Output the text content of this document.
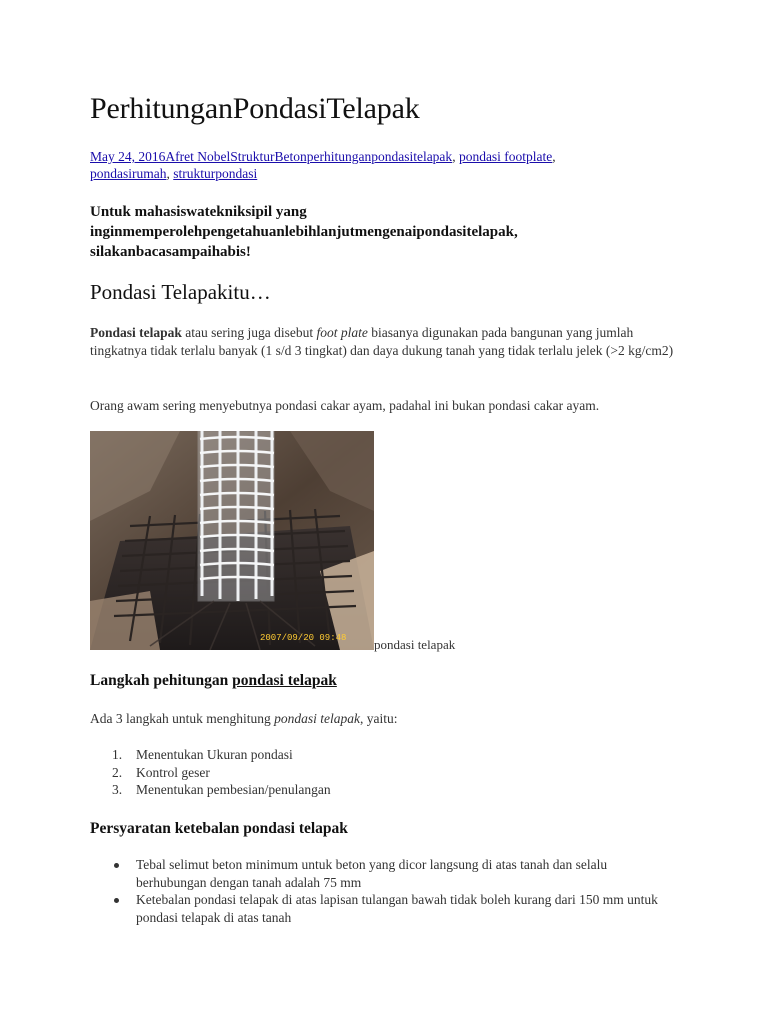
PerhitunganPondasiTelapak
May 24, 2016Afret NobelStrukturBetonperhitunganpondasitelapak, pondasi footplate,
pondasirumah, strukturpondasi
Untuk mahasiswatekniksipil yang inginmemperolehpengetahuanlebihlanjutmengenaipondasitelapak, silakanbacasampaihabis!
Pondasi Telapakitu…

Pondasi telapak atau sering juga disebut foot plate biasanya digunakan pada bangunan yang jumlah tingkatnya tidak terlalu banyak (1 s/d 3 tingkat) dan daya dukung tanah yang tidak terlalu jelek (>2 kg/cm2)

Orang awam sering menyebutnya pondasi cakar ayam, padahal ini bukan pondasi cakar ayam.

2007/09/20 09:48 pondasi telapak
Langkah pehitungan pondasi telapak

Ada 3 langkah untuk menghitung pondasi telapak, yaitu:

1. Menentukan Ukuran pondasi
2. Kontrol geser
3. Menentukan pembesian/penulangan
Persyaratan ketebalan pondasi telapak
Tebal selimut beton minimum untuk beton yang dicor langsung di atas tanah dan selalu berhubungan dengan tanah adalah 75 mm
Ketebalan pondasi telapak di atas lapisan tulangan bawah tidak boleh kurang dari 150 mm untuk pondasi telapak di atas tanah
